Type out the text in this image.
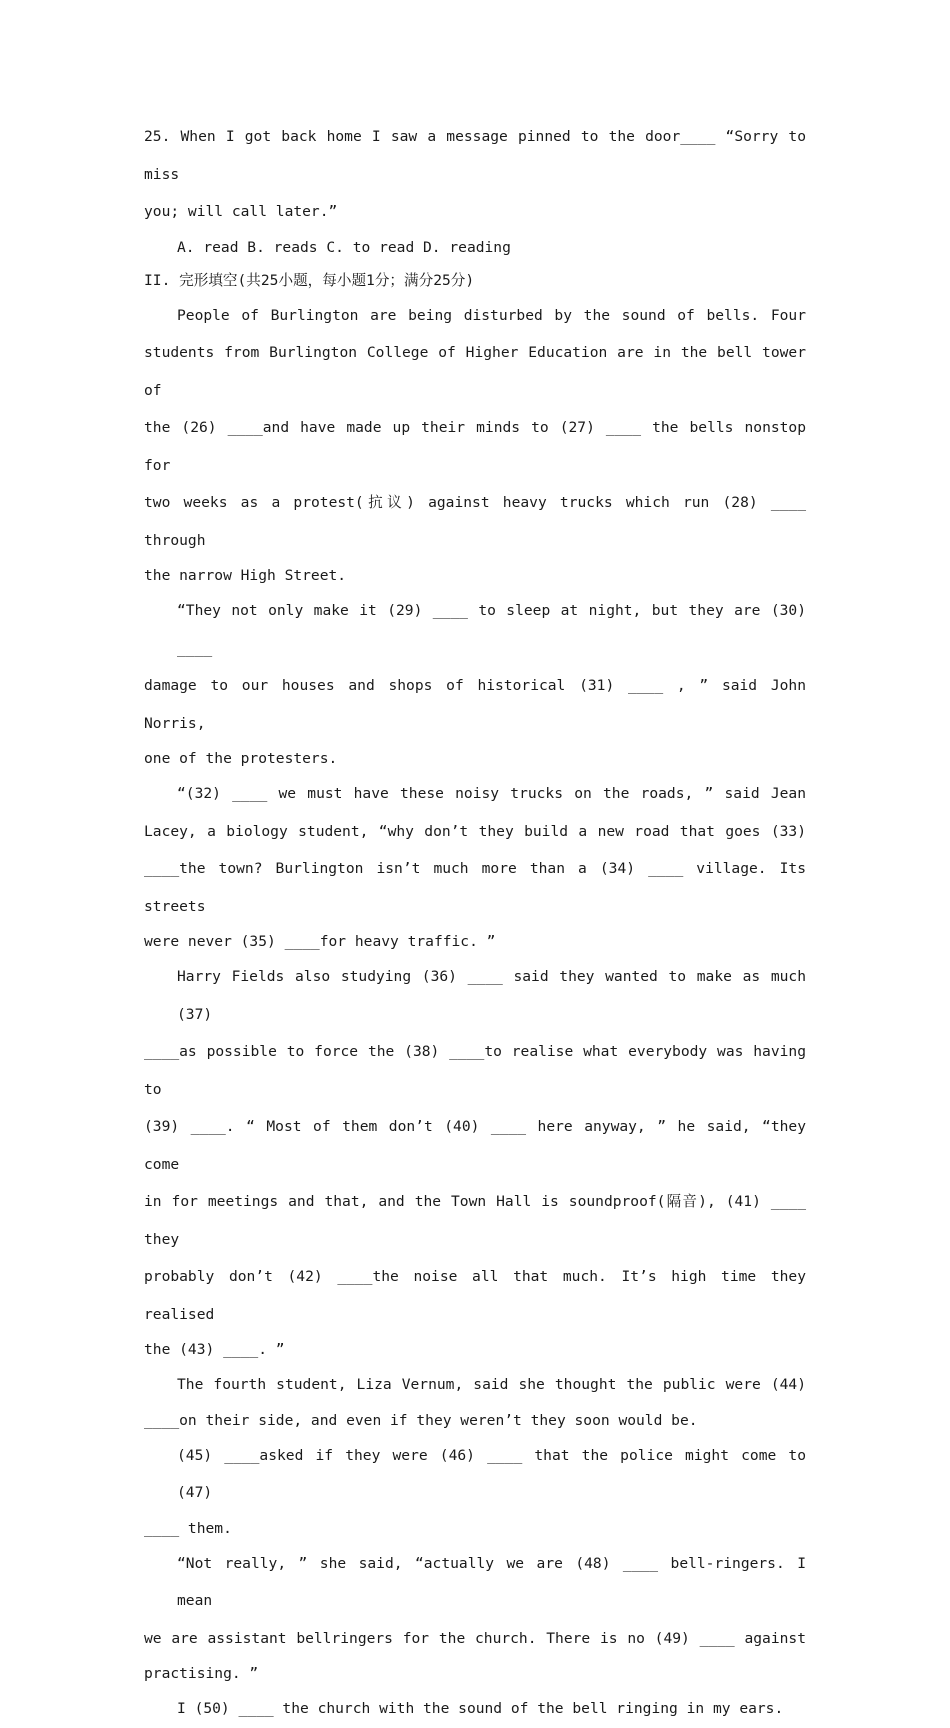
25. When I got back home I saw a message pinned to the door____ “Sorry to miss
you; will call later.”
A. read B. reads C. to read D. reading
II. 完形填空(共25小题，每小题1分；满分25分)
People of Burlington are being disturbed by the sound of bells. Four
students from Burlington College of Higher Education are in the bell tower of
the (26) ____and have made up their minds to (27) ____ the bells nonstop for
two weeks as a protest(抗议) against heavy trucks which run (28) ____ through
the narrow High Street.
“They not only make it (29) ____ to sleep at night, but they are (30) ____
damage to our houses and shops of historical (31) ____ , ” said John Norris,
one of the protesters.
“(32) ____ we must have these noisy trucks on the roads, ” said Jean
Lacey, a biology student, “why don’t they build a new road that goes (33)
____the town? Burlington isn’t much more than a (34) ____ village. Its streets
were never (35) ____for heavy traffic. ”
Harry Fields also studying (36) ____ said they wanted to make as much (37)
____as possible to force the (38) ____to realise what everybody was having to
(39) ____. “ Most of them don’t (40) ____ here anyway, ” he said, “they come
in for meetings and that, and the Town Hall is soundproof(隔音), (41) ____ they
probably don’t (42) ____the noise all that much. It’s high time they realised
the (43) ____. ”
The fourth student, Liza Vernum, said she thought the public were (44)
____on their side, and even if they weren’t they soon would be.
(45) ____asked if they were (46) ____ that the police might come to (47)
____ them.
“Not really, ” she said, “actually we are (48) ____ bell-ringers. I mean
we are assistant bellringers for the church. There is no (49) ____ against
practising. ”
I (50) ____ the church with the sound of the bell ringing in my ears.
